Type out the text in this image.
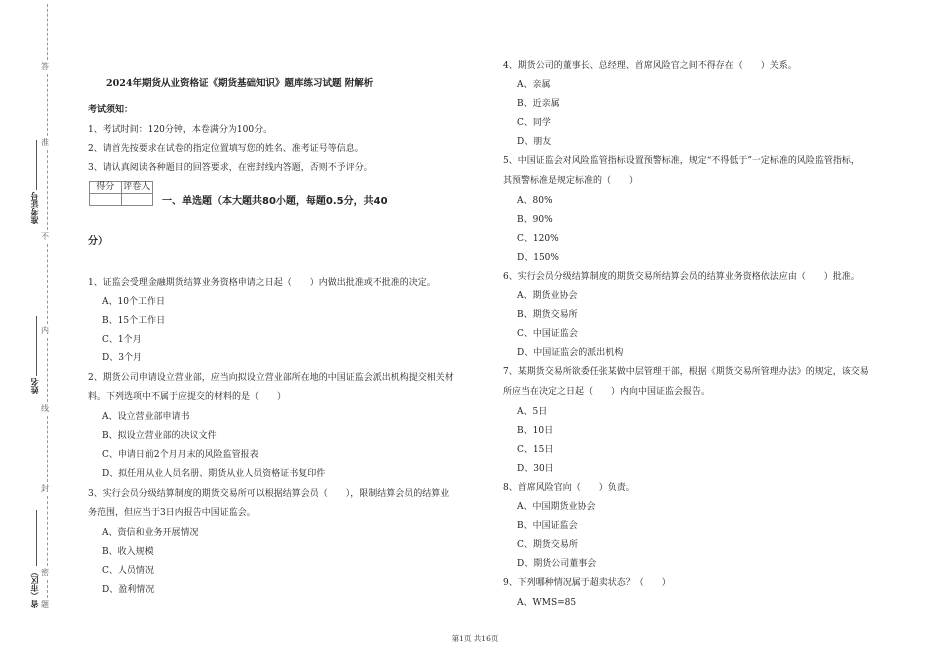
答
准
不
内
线
封
密
题
准考证号
姓名
省（市区）
2024年期货从业资格证《期货基础知识》题库练习试题 附解析
考试须知：
1、考试时间：120分钟，本卷满分为100分。
2、请首先按要求在试卷的指定位置填写您的姓名、准考证号等信息。
3、请认真阅读各种题目的回答要求，在密封线内答题，否则不予评分。
一、单选题（本大题共80小题，每题0.5分，共40
分）
1、证监会受理金融期货结算业务资格申请之日起（　　）内做出批准或不批准的决定。
A、10个工作日
B、15个工作日
C、1个月
D、3个月
2、期货公司申请设立营业部，应当向拟设立营业部所在地的中国证监会派出机构提交相关材
料。下列选项中不属于应提交的材料的是（　　）
A、设立营业部申请书
B、拟设立营业部的决议文件
C、申请日前2个月月末的风险监管报表
D、拟任用从业人员名册、期货从业人员资格证书复印件
3、实行会员分级结算制度的期货交易所可以根据结算会员（　　），限制结算会员的结算业
务范围，但应当于3日内报告中国证监会。
A、资信和业务开展情况
B、收入规模
C、人员情况
D、盈利情况
得分	评卷人

4、期货公司的董事长、总经理、首席风险官之间不得存在（　　）关系。
A、亲属
B、近亲属
C、同学
D、朋友
5、中国证监会对风险监管指标设置预警标准，规定“不得低于”一定标准的风险监管指标，
其预警标准是规定标准的（　　）
A、80%
B、90%
C、120%
D、150%
6、实行会员分级结算制度的期货交易所结算会员的结算业务资格依法应由（　　）批准。
A、期货业协会
B、期货交易所
C、中国证监会
D、中国证监会的派出机构
7、某期货交易所欲委任张某做中层管理干部，根据《期货交易所管理办法》的规定，该交易
所应当在决定之日起（　　）内向中国证监会报告。
A、5日
B、10日
C、15日
D、30日
8、首席风险官向（　　）负责。
A、中国期货业协会
B、中国证监会
C、期货交易所
D、期货公司董事会
9、下列哪种情况属于超卖状态？（　　）
A、WMS=85
第1页 共16页
